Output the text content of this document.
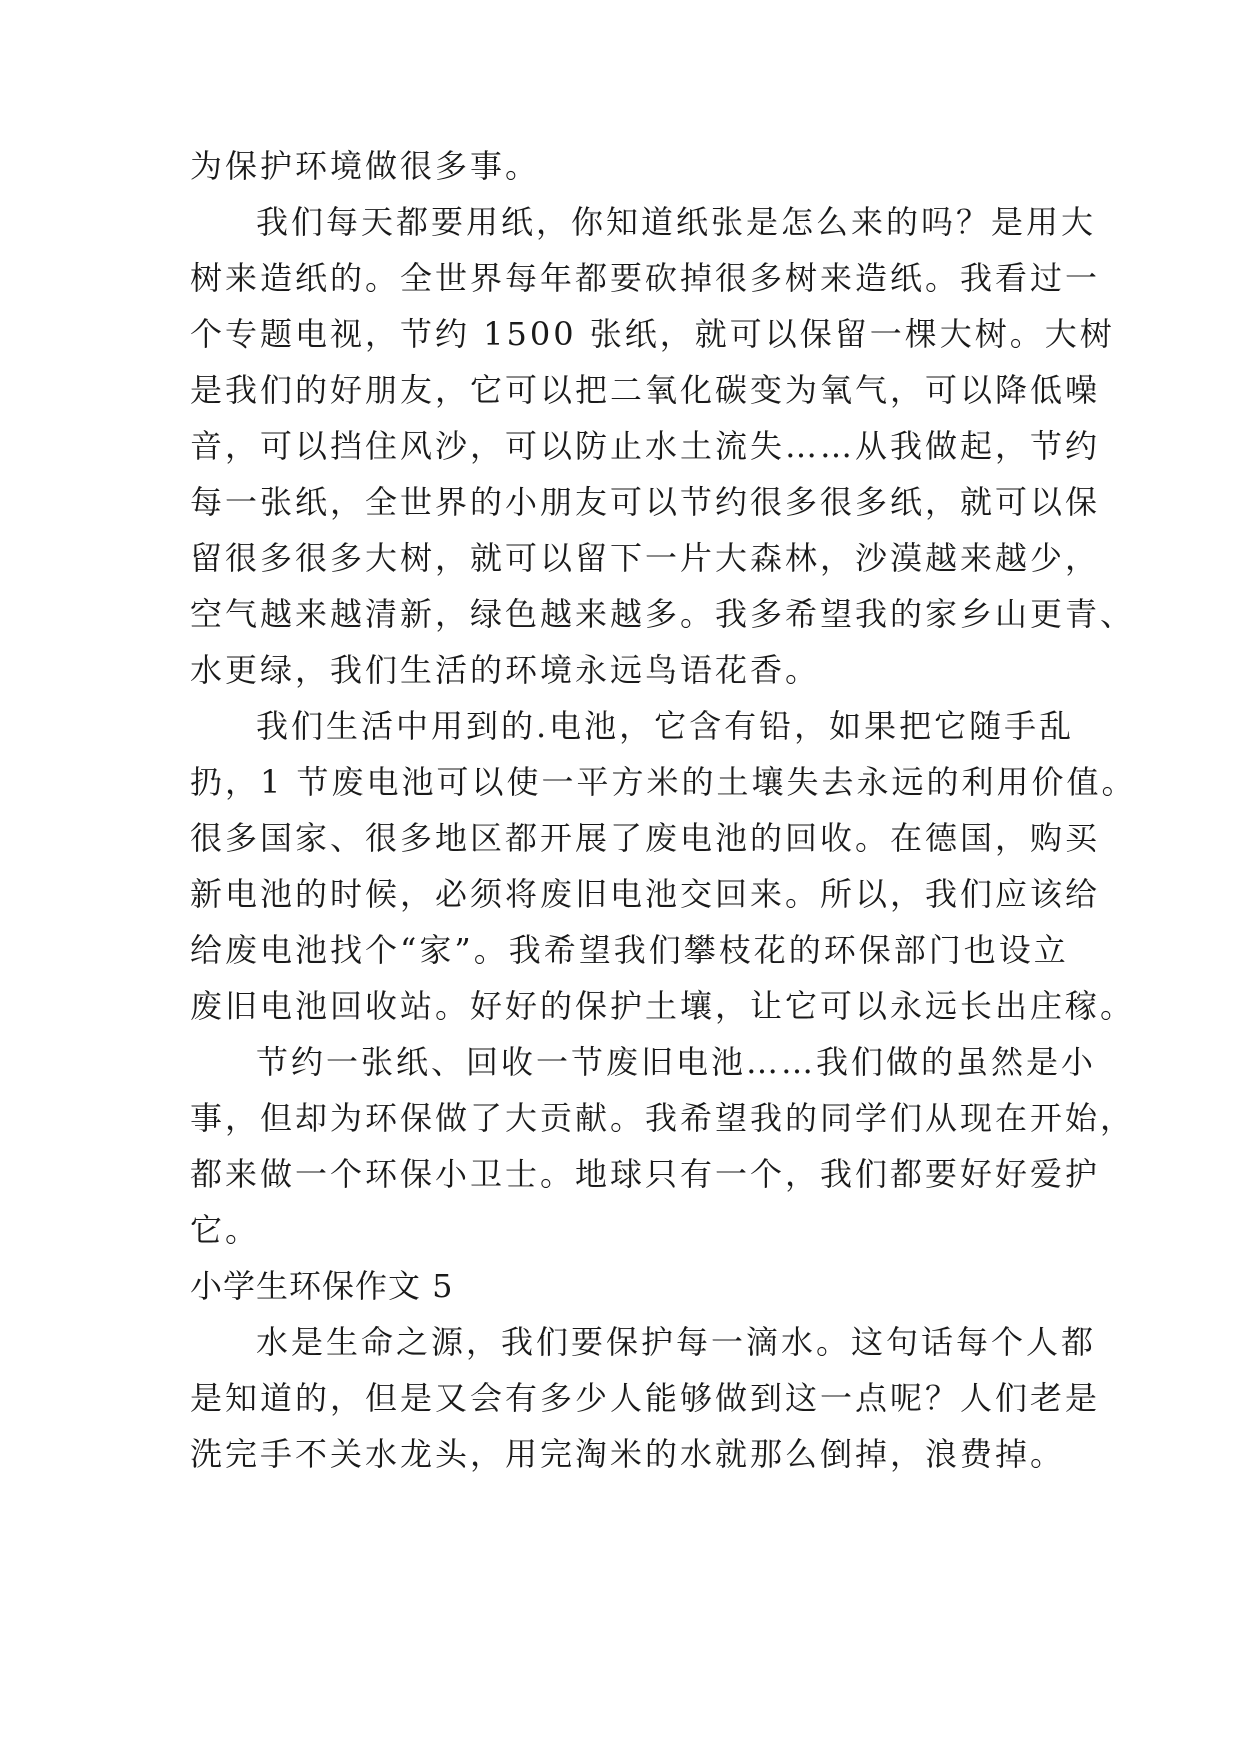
为保护环境做很多事。
我们每天都要用纸，你知道纸张是怎么来的吗？是用大
树来造纸的。全世界每年都要砍掉很多树来造纸。我看过一
个专题电视，节约 1500 张纸，就可以保留一棵大树。大树
是我们的好朋友，它可以把二氧化碳变为氧气，可以降低噪
音，可以挡住风沙，可以防止水土流失……从我做起，节约
每一张纸，全世界的小朋友可以节约很多很多纸，就可以保
留很多很多大树，就可以留下一片大森林，沙漠越来越少，
空气越来越清新，绿色越来越多。我多希望我的家乡山更青、
水更绿，我们生活的环境永远鸟语花香。
我们生活中用到的.电池，它含有铅，如果把它随手乱
扔，1 节废电池可以使一平方米的土壤失去永远的利用价值。
很多国家、很多地区都开展了废电池的回收。在德国，购买
新电池的时候，必须将废旧电池交回来。所以，我们应该给
给废电池找个“家”。我希望我们攀枝花的环保部门也设立
废旧电池回收站。好好的保护土壤，让它可以永远长出庄稼。
节约一张纸、回收一节废旧电池……我们做的虽然是小
事，但却为环保做了大贡献。我希望我的同学们从现在开始，
都来做一个环保小卫士。地球只有一个，我们都要好好爱护
它。
小学生环保作文 5
水是生命之源，我们要保护每一滴水。这句话每个人都
是知道的，但是又会有多少人能够做到这一点呢？人们老是
洗完手不关水龙头，用完淘米的水就那么倒掉，浪费掉。
